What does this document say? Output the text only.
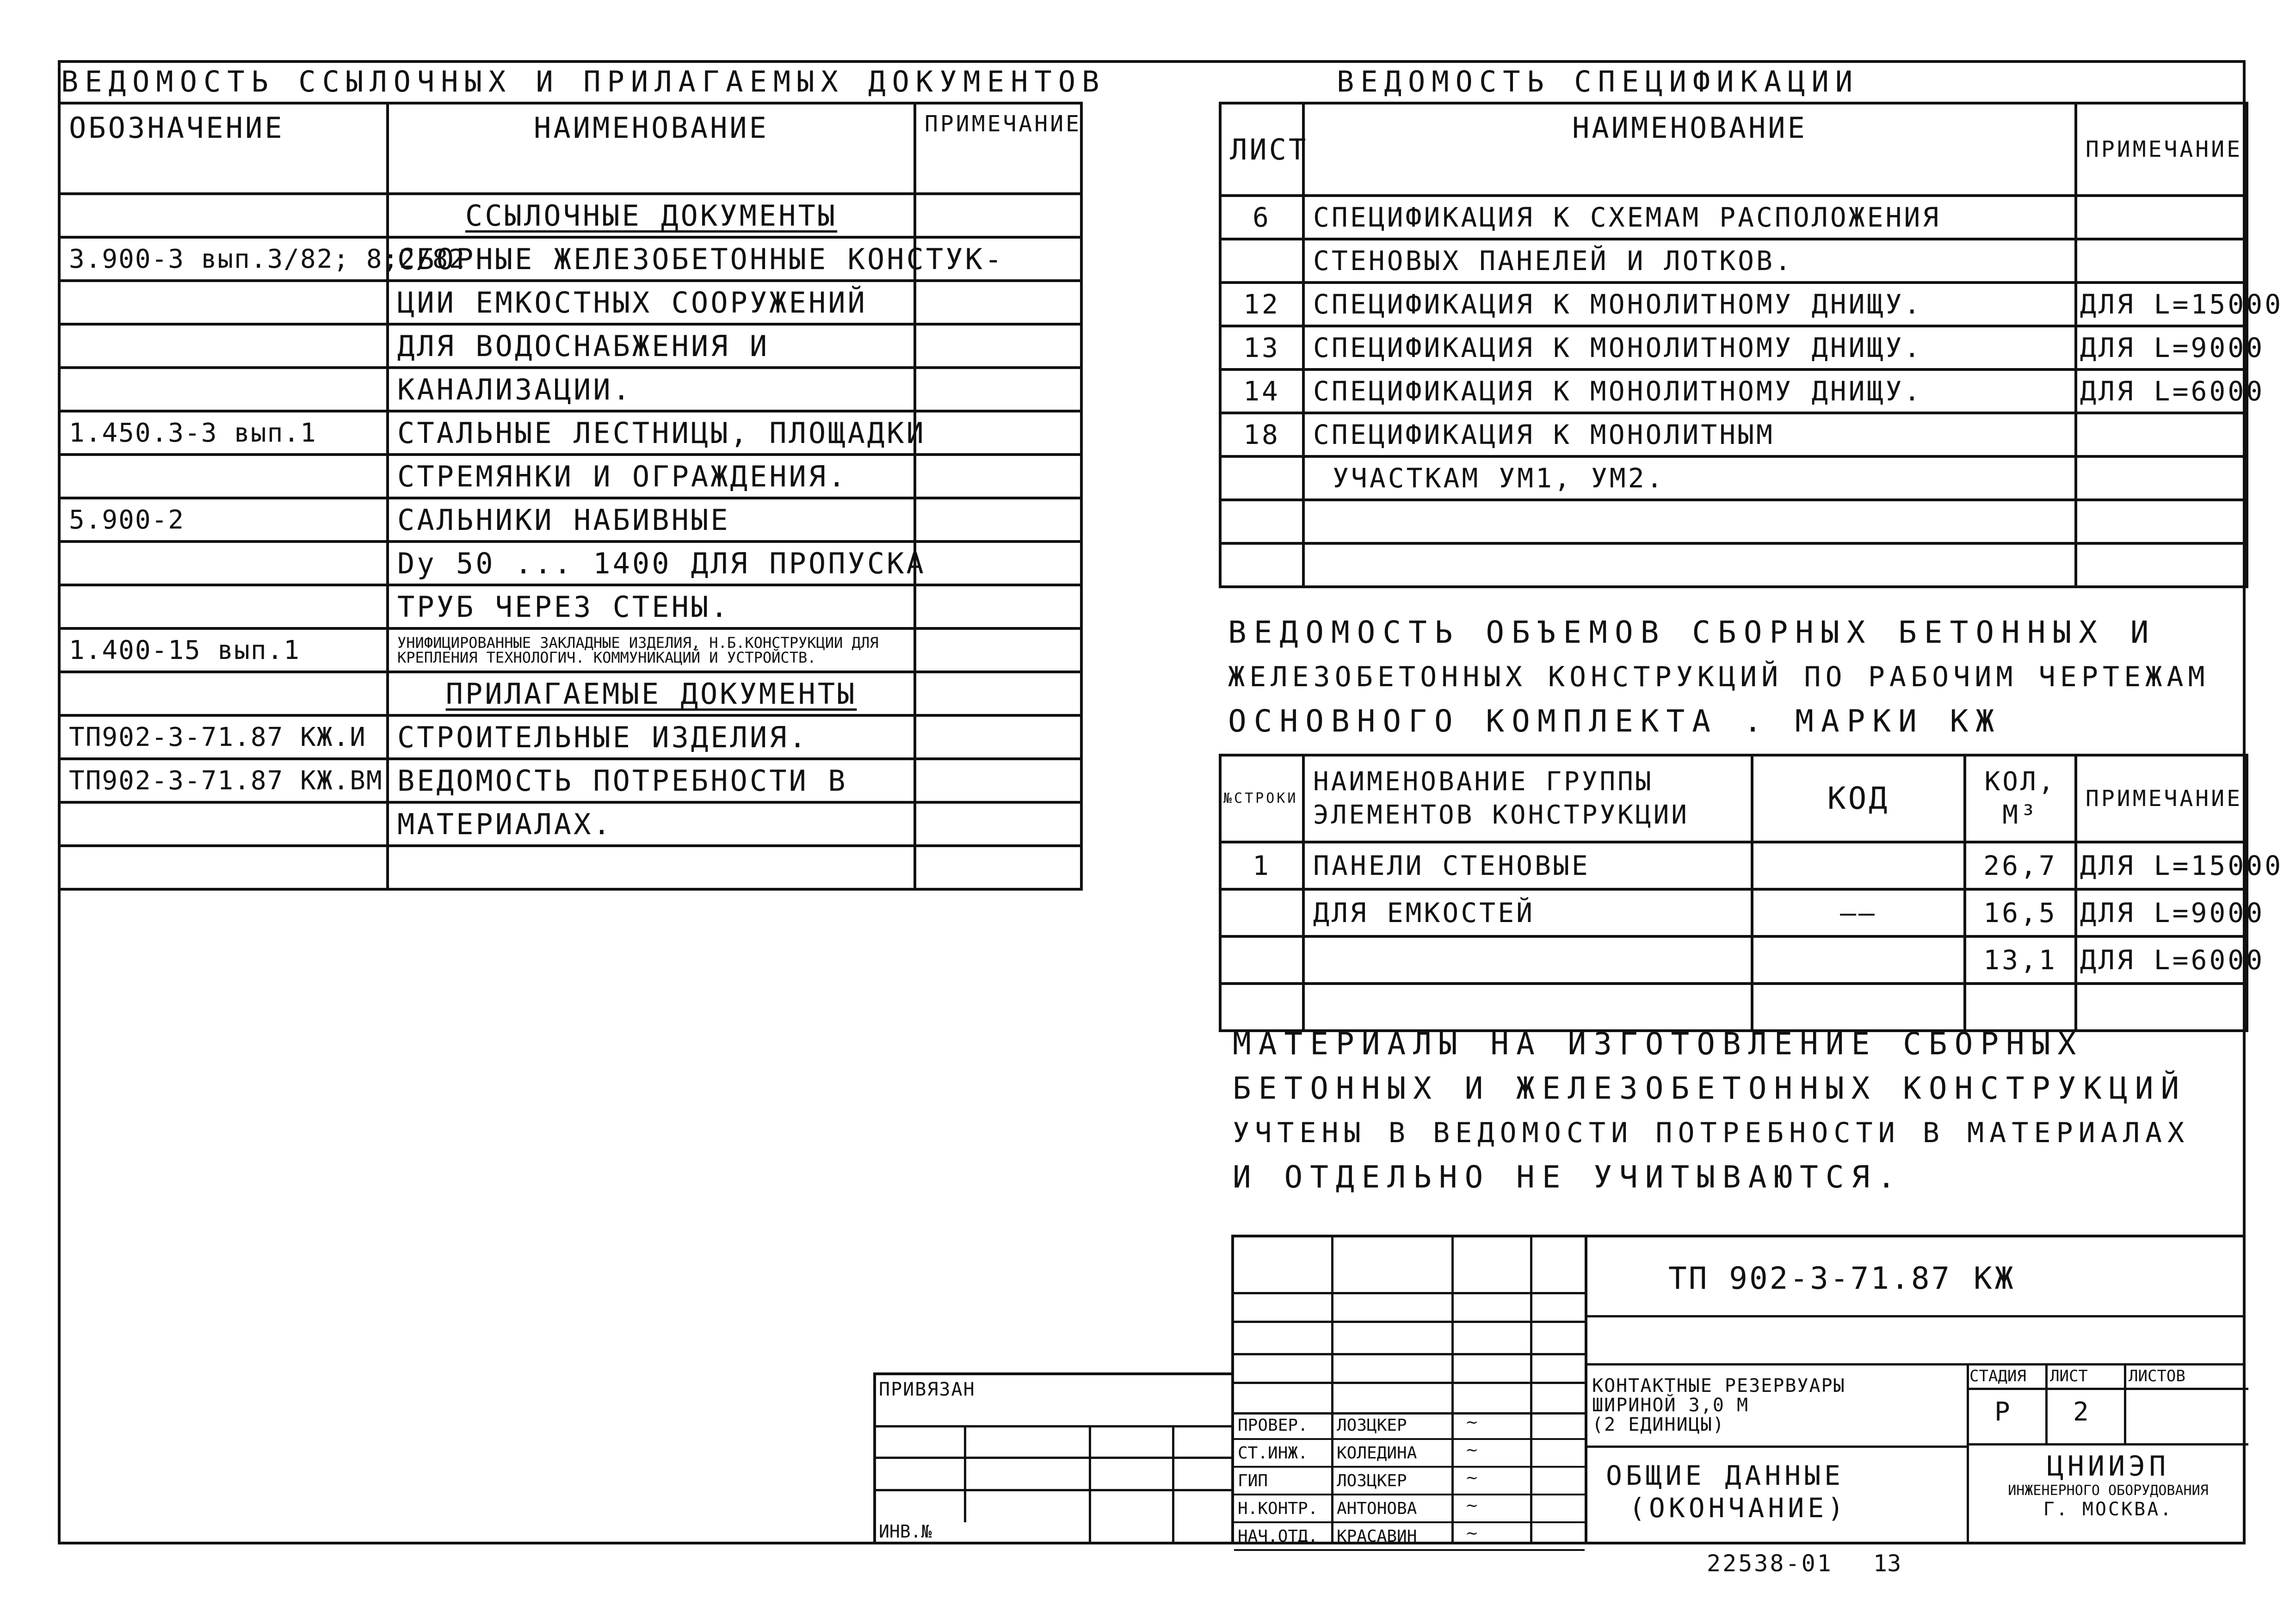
ВЕДОМОСТЬ ССЫЛОЧНЫХ И ПРИЛАГАЕМЫХ ДОКУМЕНТОВ
ОБОЗНАЧЕНИЕ	НАИМЕНОВАНИЕ	ПРИМЕЧАНИЕ
	ССЫЛОЧНЫЕ ДОКУМЕНТЫ	
3.900-3 вып.3/82; 8;2/82	СБОРНЫЕ ЖЕЛЕЗОБЕТОННЫЕ КОНСТУК-	
	ЦИИ ЕМКОСТНЫХ СООРУЖЕНИЙ	
	ДЛЯ ВОДОСНАБЖЕНИЯ И	
	КАНАЛИЗАЦИИ.	
1.450.3-3 вып.1	СТАЛЬНЫЕ ЛЕСТНИЦЫ, ПЛОЩАДКИ	
	СТРЕМЯНКИ И ОГРАЖДЕНИЯ.	
5.900-2	САЛЬНИКИ НАБИВНЫЕ	
	Dy 50 ... 1400 ДЛЯ ПРОПУСКА	
	ТРУБ ЧЕРЕЗ СТЕНЫ.	
1.400-15 вып.1	УНИФИЦИРОВАННЫЕ ЗАКЛАДНЫЕ ИЗДЕЛИЯ, Н.Б.КОНСТРУКЦИИ ДЛЯ КРЕПЛЕНИЯ ТЕХНОЛОГИЧ. КОММУНИКАЦИЙ И УСТРОЙСТВ.	
	ПРИЛАГАЕМЫЕ ДОКУМЕНТЫ	
ТП902-3-71.87 КЖ.И	СТРОИТЕЛЬНЫЕ ИЗДЕЛИЯ.	
ТП902-3-71.87 КЖ.ВМ	ВЕДОМОСТЬ ПОТРЕБНОСТИ В	
	МАТЕРИАЛАХ.	

ВЕДОМОСТЬ СПЕЦИФИКАЦИИ
ЛИСТ	НАИМЕНОВАНИЕ	ПРИМЕЧАНИЕ
6	СПЕЦИФИКАЦИЯ К СХЕМАМ РАСПОЛОЖЕНИЯ	
	СТЕНОВЫХ ПАНЕЛЕЙ И ЛОТКОВ.	
12	СПЕЦИФИКАЦИЯ К МОНОЛИТНОМУ ДНИЩУ.	ДЛЯ L=15000
13	СПЕЦИФИКАЦИЯ К МОНОЛИТНОМУ ДНИЩУ.	ДЛЯ L=9000
14	СПЕЦИФИКАЦИЯ К МОНОЛИТНОМУ ДНИЩУ.	ДЛЯ L=6000
18	СПЕЦИФИКАЦИЯ К МОНОЛИТНЫМ	
	УЧАСТКАМ УМ1, УМ2.	

ВЕДОМОСТЬ ОБЪЕМОВ СБОРНЫХ БЕТОННЫХ И
ЖЕЛЕЗОБЕТОННЫХ КОНСТРУКЦИЙ ПО РАБОЧИМ ЧЕРТЕЖАМ
ОСНОВНОГО КОМПЛЕКТА . МАРКИ КЖ
№СТРОКИ	НАИМЕНОВАНИЕ ГРУППЫ ЭЛЕМЕНТОВ КОНСТРУКЦИИ	КОД	КОЛ, М³	ПРИМЕЧАНИЕ
1	ПАНЕЛИ СТЕНОВЫЕ		26,7	ДЛЯ L=15000
	ДЛЯ ЕМКОСТЕЙ	——	16,5	ДЛЯ L=9000
			13,1	ДЛЯ L=6000

МАТЕРИАЛЫ НА ИЗГОТОВЛЕНИЕ СБОРНЫХ
БЕТОННЫХ И ЖЕЛЕЗОБЕТОННЫХ КОНСТРУКЦИЙ
УЧТЕНЫ В ВЕДОМОСТИ ПОТРЕБНОСТИ В МАТЕРИАЛАХ
И ОТДЕЛЬНО НЕ УЧИТЫВАЮТСЯ.
ПРИВЯЗАН
ИНВ.№
ПРОВЕР. ЛОЗЦКЕР	∼
СТ.ИНЖ. КОЛЕДИНА	∼
ГИП	ЛОЗЦКЕР	∼
Н.КОНТР. АНТОНОВА	∼
НАЧ.ОТД. КРАСАВИН	∼
ТП 902-3-71.87 КЖ
КОНТАКТНЫЕ РЕЗЕРВУАРЫ
ШИРИНОЙ 3,0 М
(2 ЕДИНИЦЫ)
ОБЩИЕ ДАННЫЕ
(ОКОНЧАНИЕ)
СТАДИЯ ЛИСТ	ЛИСТОВ
Р 2
ЦНИИЭП
ИНЖЕНЕРНОГО ОБОРУДОВАНИЯ
Г. МОСКВА.
22538-01 13
